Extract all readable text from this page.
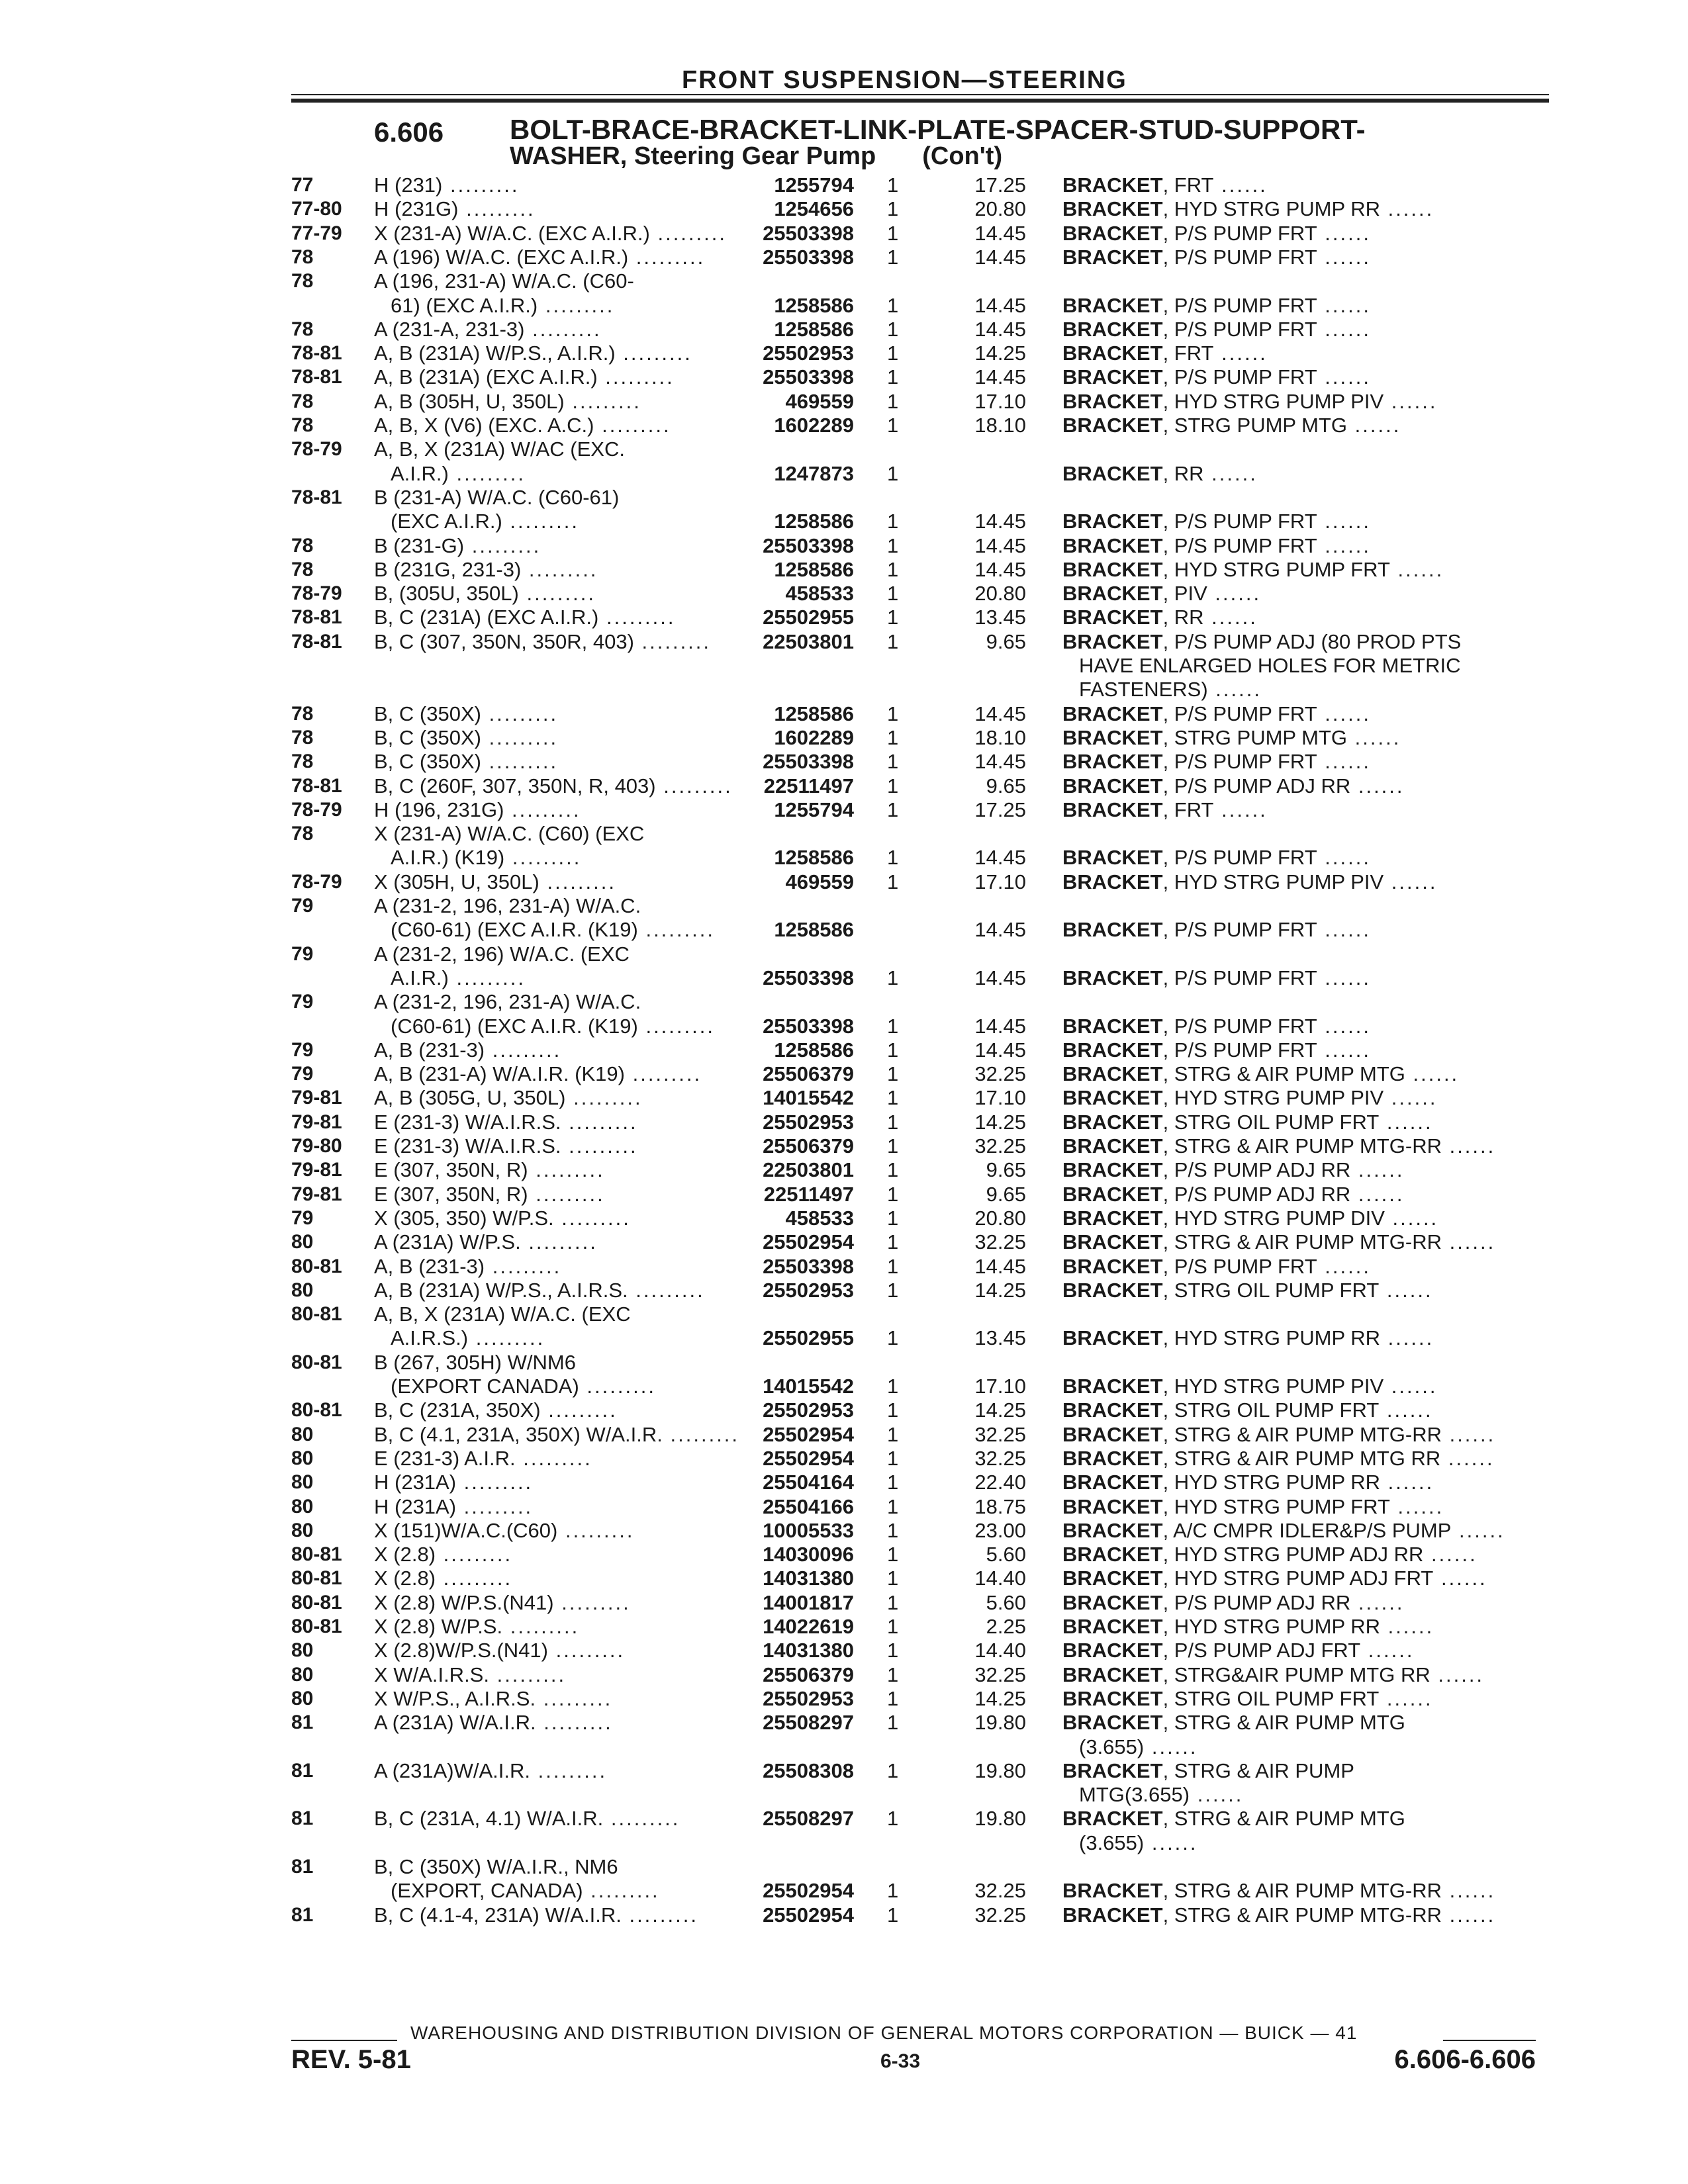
FRONT SUSPENSION—STEERING
6.606 BOLT-BRACE-BRACKET-LINK-PLATE-SPACER-STUD-SUPPORT-
WASHER, Steering Gear Pump (Con't)
77	H (231) .........	1255794 1	17.25 BRACKET, FRT ......
77-80 H (231G) .........	1254656 1	20.80 BRACKET, HYD STRG PUMP RR ......
77-79 X (231-A) W/A.C. (EXC A.I.R.) ......... 25503398 1	14.45 BRACKET, P/S PUMP FRT ......
78	A (196) W/A.C. (EXC A.I.R.) .........	25503398 1	14.45 BRACKET, P/S PUMP FRT ......
78	A (196, 231-A) W/A.C. (C60-
61) (EXC A.I.R.) .........	1258586 1	14.45 BRACKET, P/S PUMP FRT ......
78	A (231-A, 231-3) .........	1258586 1	14.45 BRACKET, P/S PUMP FRT ......
78-81 A, B (231A) W/P.S., A.I.R.) .........	25502953 1	14.25 BRACKET, FRT ......
78-81 A, B (231A) (EXC A.I.R.) .........	25503398 1	14.45 BRACKET, P/S PUMP FRT ......
78	A, B (305H, U, 350L) .........	469559 1	17.10 BRACKET, HYD STRG PUMP PIV ......
78	A, B, X (V6) (EXC. A.C.) .........	1602289 1	18.10 BRACKET, STRG PUMP MTG ......
78-79 A, B, X (231A) W/AC (EXC.
A.I.R.) .........	1247873 1	BRACKET, RR ......
78-81 B (231-A) W/A.C. (C60-61)
(EXC A.I.R.) .........	1258586 1	14.45 BRACKET, P/S PUMP FRT ......
78	B (231-G) .........	25503398 1	14.45 BRACKET, P/S PUMP FRT ......
78	B (231G, 231-3) .........	1258586 1	14.45 BRACKET, HYD STRG PUMP FRT ......
78-79 B, (305U, 350L) .........	458533 1	20.80 BRACKET, PIV ......
78-81 B, C (231A) (EXC A.I.R.) .........	25502955 1	13.45 BRACKET, RR ......
78-81 B, C (307, 350N, 350R, 403) .........	22503801 1	9.65 BRACKET, P/S PUMP ADJ (80 PROD PTS
HAVE ENLARGED HOLES FOR METRIC
FASTENERS) ......
78	B, C (350X) .........	1258586 1	14.45 BRACKET, P/S PUMP FRT ......
78	B, C (350X) .........	1602289 1	18.10 BRACKET, STRG PUMP MTG ......
78	B, C (350X) .........	25503398 1	14.45 BRACKET, P/S PUMP FRT ......
78-81 B, C (260F, 307, 350N, R, 403) ......... 22511497 1	9.65 BRACKET, P/S PUMP ADJ RR ......
78-79 H (196, 231G) .........	1255794 1	17.25 BRACKET, FRT ......
78	X (231-A) W/A.C. (C60) (EXC
A.I.R.) (K19) .........	1258586 1	14.45 BRACKET, P/S PUMP FRT ......
78-79 X (305H, U, 350L) .........	469559 1	17.10 BRACKET, HYD STRG PUMP PIV ......
79	A (231-2, 196, 231-A) W/A.C.
(C60-61) (EXC A.I.R. (K19) .........	1258586	14.45 BRACKET, P/S PUMP FRT ......
79	A (231-2, 196) W/A.C. (EXC
A.I.R.) .........	25503398 1	14.45 BRACKET, P/S PUMP FRT ......
79	A (231-2, 196, 231-A) W/A.C.
(C60-61) (EXC A.I.R. (K19) ......... 25503398 1	14.45 BRACKET, P/S PUMP FRT ......
79	A, B (231-3) .........	1258586 1	14.45 BRACKET, P/S PUMP FRT ......
79	A, B (231-A) W/A.I.R. (K19) .........	25506379 1	32.25 BRACKET, STRG & AIR PUMP MTG ......
79-81 A, B (305G, U, 350L) .........	14015542 1	17.10 BRACKET, HYD STRG PUMP PIV ......
79-81 E (231-3) W/A.I.R.S. .........	25502953 1	14.25 BRACKET, STRG OIL PUMP FRT ......
79-80 E (231-3) W/A.I.R.S. .........	25506379 1	32.25 BRACKET, STRG & AIR PUMP MTG-RR ......
79-81 E (307, 350N, R) .........	22503801 1	9.65 BRACKET, P/S PUMP ADJ RR ......
79-81 E (307, 350N, R) .........	22511497 1	9.65 BRACKET, P/S PUMP ADJ RR ......
79	X (305, 350) W/P.S. .........	458533 1	20.80 BRACKET, HYD STRG PUMP DIV ......
80	A (231A) W/P.S. .........	25502954 1	32.25 BRACKET, STRG & AIR PUMP MTG-RR ......
80-81 A, B (231-3) .........	25503398 1	14.45 BRACKET, P/S PUMP FRT ......
80	A, B (231A) W/P.S., A.I.R.S. .........	25502953 1	14.25 BRACKET, STRG OIL PUMP FRT ......
80-81 A, B, X (231A) W/A.C. (EXC
A.I.R.S.) .........	25502955 1	13.45 BRACKET, HYD STRG PUMP RR ......
80-81 B (267, 305H) W/NM6
(EXPORT CANADA) .........	14015542 1	17.10 BRACKET, HYD STRG PUMP PIV ......
80-81 B, C (231A, 350X) .........	25502953 1	14.25 BRACKET, STRG OIL PUMP FRT ......
80	B, C (4.1, 231A, 350X) W/A.I.R. ......... 25502954 1	32.25 BRACKET, STRG & AIR PUMP MTG-RR ......
80	E (231-3) A.I.R. .........	25502954 1	32.25 BRACKET, STRG & AIR PUMP MTG RR ......
80	H (231A) .........	25504164 1	22.40 BRACKET, HYD STRG PUMP RR ......
80	H (231A) .........	25504166 1	18.75 BRACKET, HYD STRG PUMP FRT ......
80	X (151)W/A.C.(C60) .........	10005533 1	23.00 BRACKET, A/C CMPR IDLER&P/S PUMP ......
80-81 X (2.8) .........	14030096 1	5.60 BRACKET, HYD STRG PUMP ADJ RR ......
80-81 X (2.8) .........	14031380 1	14.40 BRACKET, HYD STRG PUMP ADJ FRT ......
80-81 X (2.8) W/P.S.(N41) .........	14001817 1	5.60 BRACKET, P/S PUMP ADJ RR ......
80-81 X (2.8) W/P.S. .........	14022619 1	2.25 BRACKET, HYD STRG PUMP RR ......
80	X (2.8)W/P.S.(N41) .........	14031380 1	14.40 BRACKET, P/S PUMP ADJ FRT ......
80	X W/A.I.R.S. .........	25506379 1	32.25 BRACKET, STRG&AIR PUMP MTG RR ......
80	X W/P.S., A.I.R.S. .........	25502953 1	14.25 BRACKET, STRG OIL PUMP FRT ......
81	A (231A) W/A.I.R. .........	25508297 1	19.80 BRACKET, STRG & AIR PUMP MTG
(3.655) ......
81	A (231A)W/A.I.R. .........	25508308 1	19.80 BRACKET, STRG & AIR PUMP
MTG(3.655) ......
81	B, C (231A, 4.1) W/A.I.R. .........	25508297 1	19.80 BRACKET, STRG & AIR PUMP MTG
(3.655) ......
81	B, C (350X) W/A.I.R., NM6
(EXPORT, CANADA) .........	25502954 1	32.25 BRACKET, STRG & AIR PUMP MTG-RR ......
81	B, C (4.1-4, 231A) W/A.I.R. .........	25502954 1	32.25 BRACKET, STRG & AIR PUMP MTG-RR ......
WAREHOUSING AND DISTRIBUTION DIVISION OF GENERAL MOTORS CORPORATION — BUICK — 41
REV. 5-81	6-33	6.606-6.606
